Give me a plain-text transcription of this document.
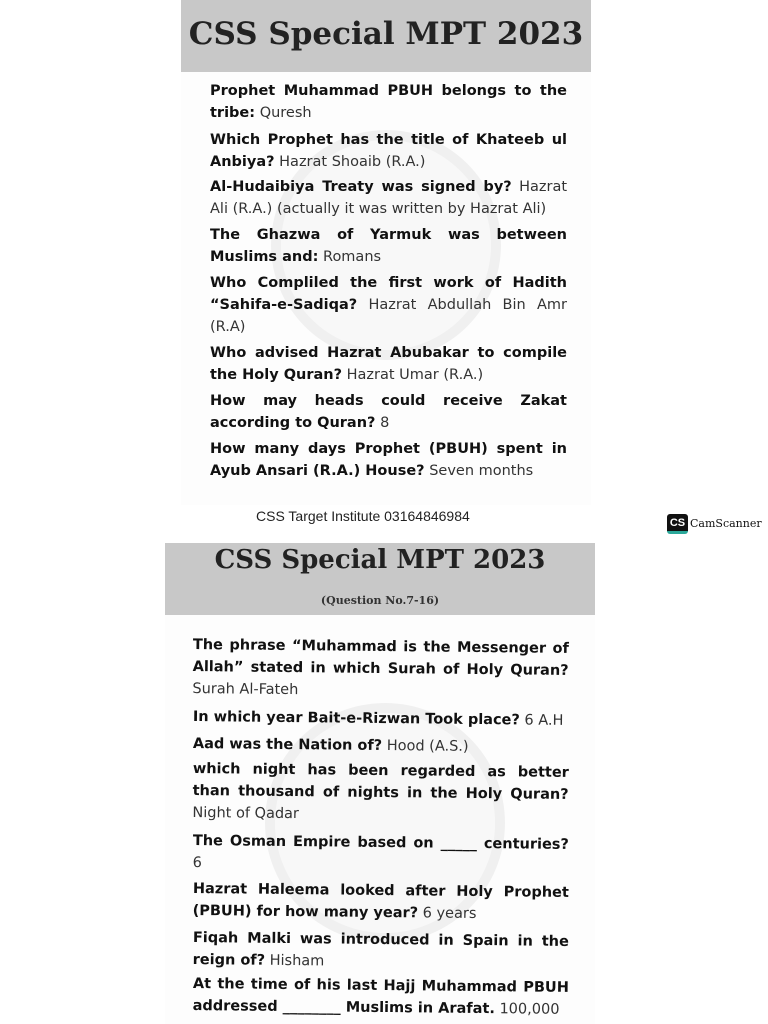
CSS Special MPT 2023
Prophet Muhammad PBUH belongs to the tribe: Quresh
Which Prophet has the title of Khateeb ul Anbiya? Hazrat Shoaib (R.A.)
Al-Hudaibiya Treaty was signed by? Hazrat Ali (R.A.) (actually it was written by Hazrat Ali)
The Ghazwa of Yarmuk was between Muslims and: Romans
Who Compliled the first work of Hadith “Sahifa-e-Sadiqa? Hazrat Abdullah Bin Amr (R.A)
Who advised Hazrat Abubakar to compile the Holy Quran? Hazrat Umar (R.A.)
How may heads could receive Zakat according to Quran? 8
How many days Prophet (PBUH) spent in Ayub Ansari (R.A.) House? Seven months
CSS Target Institute 03164846984	CS CamScanner
CSS Special MPT 2023
(Question No.7-16)
The phrase “Muhammad is the Messenger of Allah” stated in which Surah of Holy Quran? Surah Al-Fateh
In which year Bait-e-Rizwan Took place? 6 A.H
Aad was the Nation of? Hood (A.S.)
which night has been regarded as better than thousand of nights in the Holy Quran? Night of Qadar
The Osman Empire based on _____ centuries? 6
Hazrat Haleema looked after Holy Prophet (PBUH) for how many year? 6 years
Fiqah Malki was introduced in Spain in the reign of? Hisham
At the time of his last Hajj Muhammad PBUH addressed ________ Muslims in Arafat. 100,000
